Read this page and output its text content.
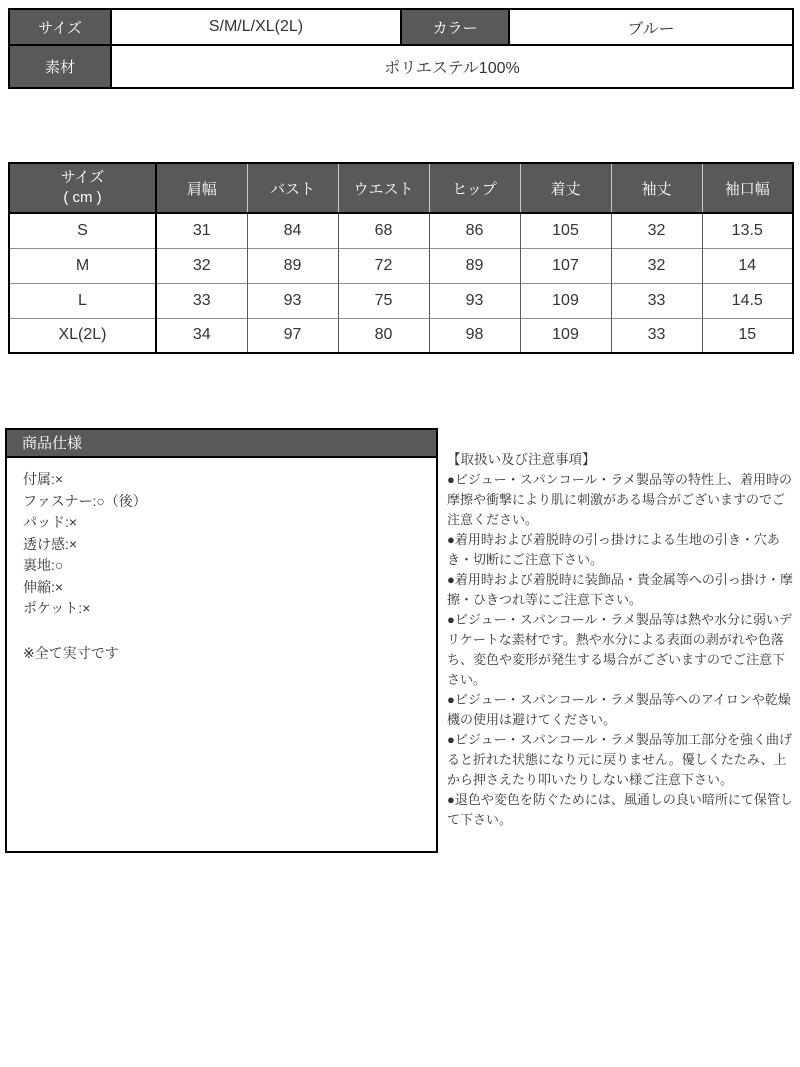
サイズ	S/M/L/XL(2L)	カラー	ブルー
素材	ポリエステル100%		
サイズ
( cm )	肩幅	バスト	ウエスト	ヒップ	着丈	袖丈	袖口幅
S	31	84	68	86	105	32	13.5
M	32	89	72	89	107	32	14
L	33	93	75	93	109	33	14.5
XL(2L)	34	97	80	98	109	33	15
商品仕様
付属:×
ファスナー:○（後）
パッド:×
透け感:×
裏地:○
伸縮:×
ポケット:×
※全て実寸です

【取扱い及び注意事項】

●ビジュー・スパンコール・ラメ製品等の特性上、着用時の摩擦や衝撃により肌に刺激がある場合がございますのでご注意ください。

●着用時および着脱時の引っ掛けによる生地の引き・穴あき・切断にご注意下さい。

●着用時および着脱時に装飾品・貴金属等への引っ掛け・摩擦・ひきつれ等にご注意下さい。

●ビジュー・スパンコール・ラメ製品等は熱や水分に弱いデリケートな素材です。熱や水分による表面の剥がれや色落ち、変色や変形が発生する場合がございますのでご注意下さい。

●ビジュー・スパンコール・ラメ製品等へのアイロンや乾燥機の使用は避けてください。

●ビジュー・スパンコール・ラメ製品等加工部分を強く曲げると折れた状態になり元に戻りません。優しくたたみ、上から押さえたり叩いたりしない様ご注意下さい。

●退色や変色を防ぐためには、風通しの良い暗所にて保管して下さい。
